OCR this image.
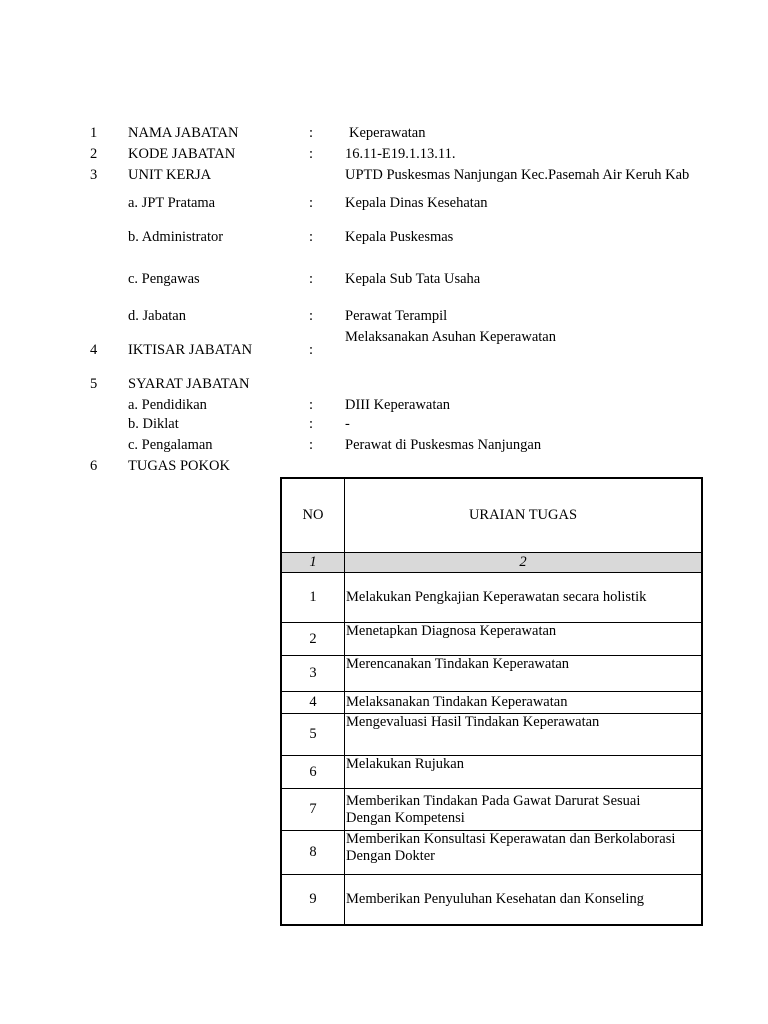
1 NAMA JABATAN	: Keperawatan
2 KODE JABATAN	: 16.11-E19.1.13.11.
3 UNIT KERJA	UPTD Puskesmas Nanjungan Kec.Pasemah Air Keruh Kab
a. JPT Pratama	: Kepala Dinas Kesehatan
b. Administrator	: Kepala Puskesmas
c. Pengawas	: Kepala Sub Tata Usaha
d. Jabatan	: Perawat Terampil
Melaksanakan Asuhan Keperawatan
4 IKTISAR JABATAN	:
5 SYARAT JABATAN
a. Pendidikan	: DIII Keperawatan
b. Diklat	: -
c. Pengalaman	: Perawat di Puskesmas Nanjungan
6 TUGAS POKOK
NO	URAIAN TUGAS
1	2
1	Melakukan Pengkajian Keperawatan secara holistik
2	Menetapkan Diagnosa Keperawatan
3	Merencanakan Tindakan Keperawatan
4	Melaksanakan Tindakan Keperawatan
5	Mengevaluasi Hasil Tindakan Keperawatan
6	Melakukan Rujukan
7	Memberikan Tindakan Pada Gawat Darurat Sesuai
Dengan Kompetensi

8	Memberikan Konsultasi Keperawatan dan Berkolaborasi
Dengan Dokter

9	Memberikan Penyuluhan Kesehatan dan Konseling
